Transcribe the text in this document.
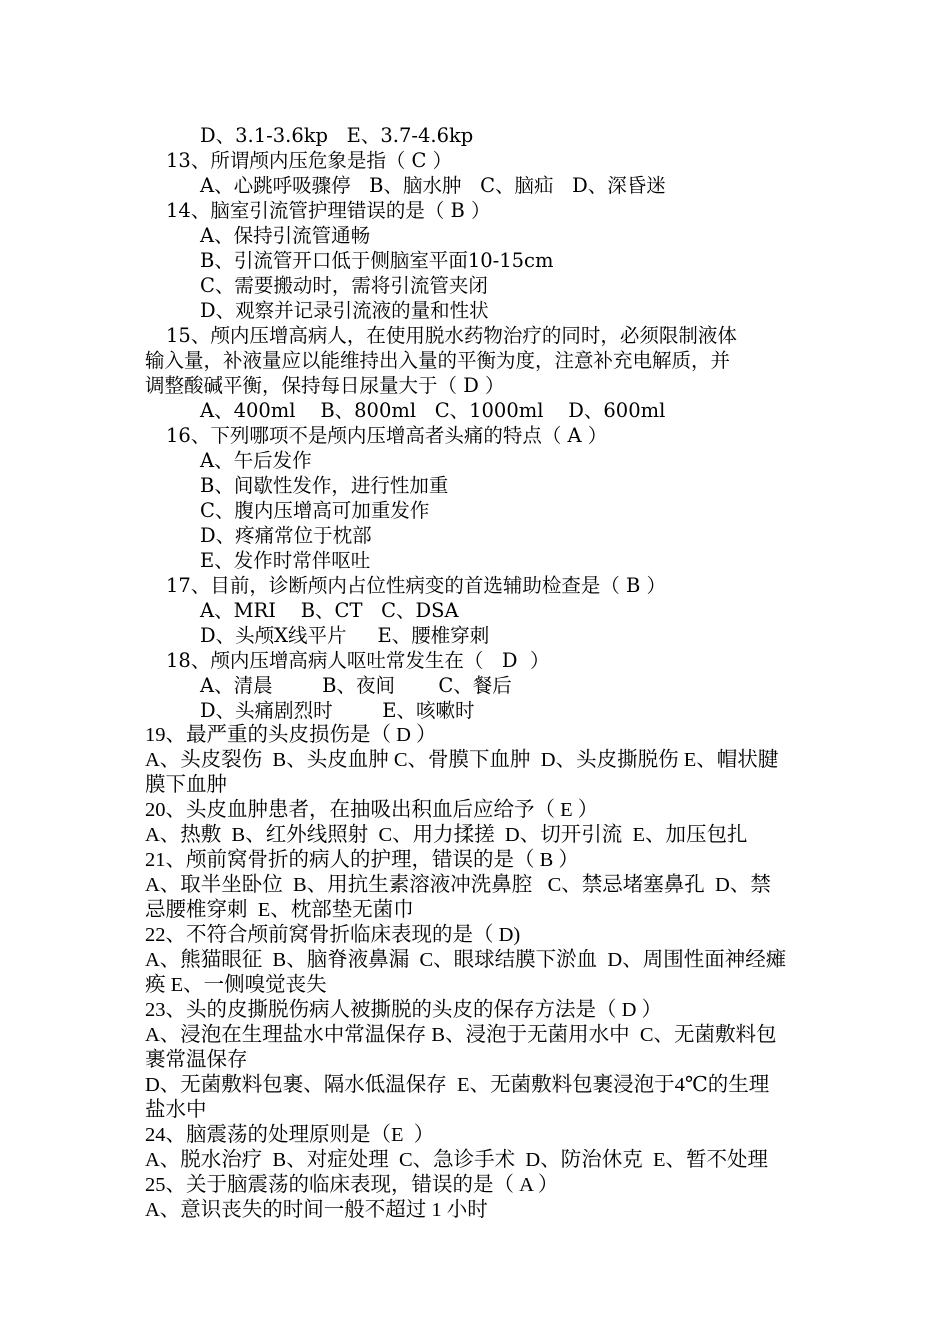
D、3.1-3.6kp   E、3.7-4.6kp
13、所谓颅内压危象是指（ C ）
A、心跳呼吸骤停   B、脑水肿   C、脑疝   D、深昏迷
14、脑室引流管护理错误的是（ B ）
A、保持引流管通畅
B、引流管开口低于侧脑室平面10-15cm
C、需要搬动时，需将引流管夹闭
D、观察并记录引流液的量和性状
15、颅内压增高病人，在使用脱水药物治疗的同时，必须限制液体
输入量，补液量应以能维持出入量的平衡为度，注意补充电解质，并
调整酸碱平衡，保持每日尿量大于（ D ）
A、400ml    B、800ml   C、1000ml    D、600ml
16、下列哪项不是颅内压增高者头痛的特点（ A ）
A、午后发作
B、间歇性发作，进行性加重
C、腹内压增高可加重发作
D、疼痛常位于枕部
E、发作时常伴呕吐
17、目前，诊断颅内占位性病变的首选辅助检查是（ B ）
A、MRI    B、CT   C、DSA
D、头颅X线平片     E、腰椎穿刺
18、颅内压增高病人呕吐常发生在（   D  ）
A、清晨        B、夜间       C、餐后
D、头痛剧烈时        E、咳嗽时
19、最严重的头皮损伤是（ D ）
A、头皮裂伤  B、头皮血肿 C、骨膜下血肿  D、头皮撕脱伤 E、帽状腱
膜下血肿
20、头皮血肿患者，在抽吸出积血后应给予（ E ）
A、热敷  B、红外线照射  C、用力揉搓  D、切开引流  E、加压包扎
21、颅前窝骨折的病人的护理，错误的是（ B ）
A、取半坐卧位  B、用抗生素溶液冲洗鼻腔   C、禁忌堵塞鼻孔  D、禁
忌腰椎穿刺  E、枕部垫无菌巾
22、不符合颅前窝骨折临床表现的是（ D)
A、熊猫眼征  B、脑脊液鼻漏  C、眼球结膜下淤血  D、周围性面神经瘫
痪 E、一侧嗅觉丧失
23、头的皮撕脱伤病人被撕脱的头皮的保存方法是（ D ）
A、浸泡在生理盐水中常温保存 B、浸泡于无菌用水中  C、无菌敷料包
裹常温保存
D、无菌敷料包裹、隔水低温保存  E、无菌敷料包裹浸泡于4℃的生理
盐水中
24、脑震荡的处理原则是（E  ）
A、脱水治疗  B、对症处理  C、急诊手术  D、防治休克  E、暂不处理
25、关于脑震荡的临床表现，错误的是（ A ）
A、意识丧失的时间一般不超过 1 小时
